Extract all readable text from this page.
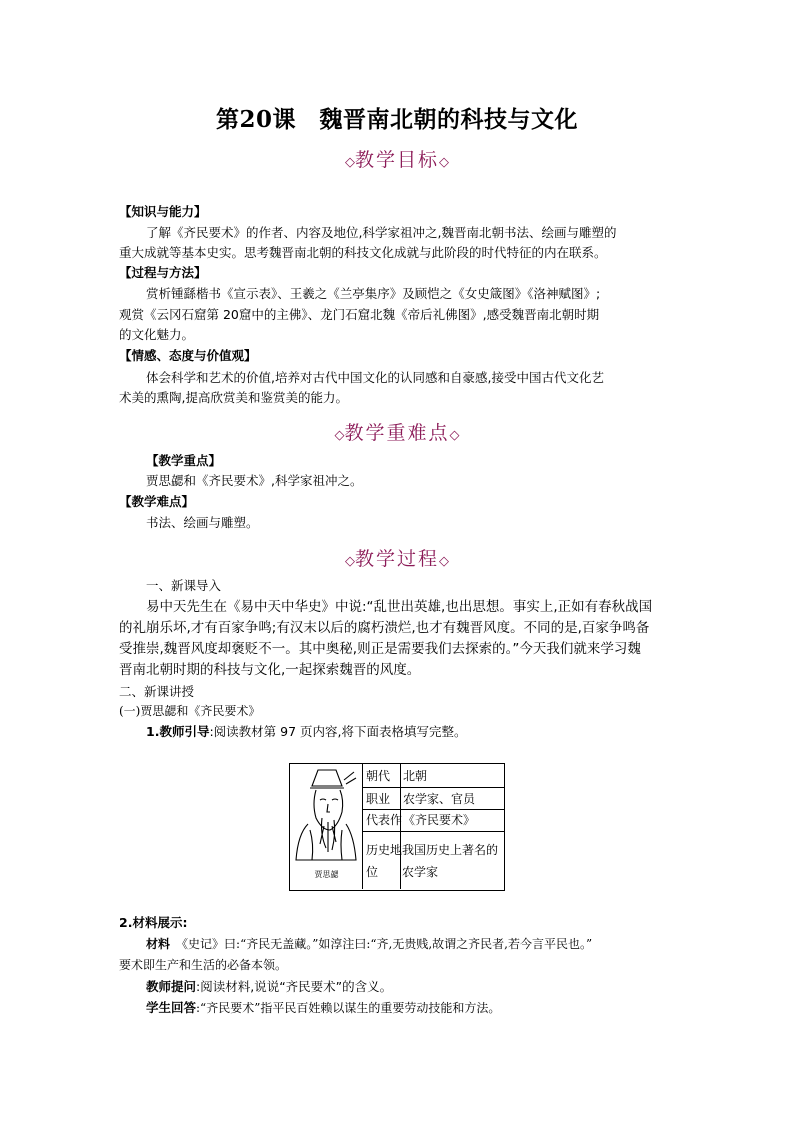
第20课　魏晋南北朝的科技与文化
◇教学目标◇
【知识与能力】
了解《齐民要术》的作者、内容及地位,科学家祖冲之,魏晋南北朝书法、绘画与雕塑的
重大成就等基本史实。思考魏晋南北朝的科技文化成就与此阶段的时代特征的内在联系。
【过程与方法】
赏析锺繇楷书《宣示表》、王羲之《兰亭集序》及顾恺之《女史箴图》《洛神赋图》;
观赏《云冈石窟第 20窟中的主佛》、龙门石窟北魏《帝后礼佛图》,感受魏晋南北朝时期
的文化魅力。
【情感、态度与价值观】
体会科学和艺术的价值,培养对古代中国文化的认同感和自豪感,接受中国古代文化艺
术美的熏陶,提高欣赏美和鉴赏美的能力。
◇教学重难点◇
【教学重点】
贾思勰和《齐民要术》,科学家祖冲之。
【教学难点】
书法、绘画与雕塑。
◇教学过程◇
一、新课导入
易中天先生在《易中天中华史》中说:“乱世出英雄,也出思想。事实上,正如有春秋战国
的礼崩乐坏,才有百家争鸣;有汉末以后的腐朽溃烂,也才有魏晋风度。不同的是,百家争鸣备
受推崇,魏晋风度却褒贬不一。其中奥秘,则正是需要我们去探索的。”今天我们就来学习魏
晋南北朝时期的科技与文化,一起探索魏晋的风度。
二、新课讲授
(一)贾思勰和《齐民要术》
1.教师引导:阅读教材第 97 页内容,将下面表格填写完整。
贾思勰
朝代 北朝
职业 农学家、官员
代表作 《齐民要术》
历史地
位
我国历史上著名的
农学家
2.材料展示:
材料　 《史记》曰:“齐民无盖藏。”如淳注曰:“齐,无贵贱,故谓之齐民者,若今言平民也。”
要术即生产和生活的必备本领。
教师提问:阅读材料,说说“齐民要术”的含义。
学生回答:“齐民要术”指平民百姓赖以谋生的重要劳动技能和方法。
